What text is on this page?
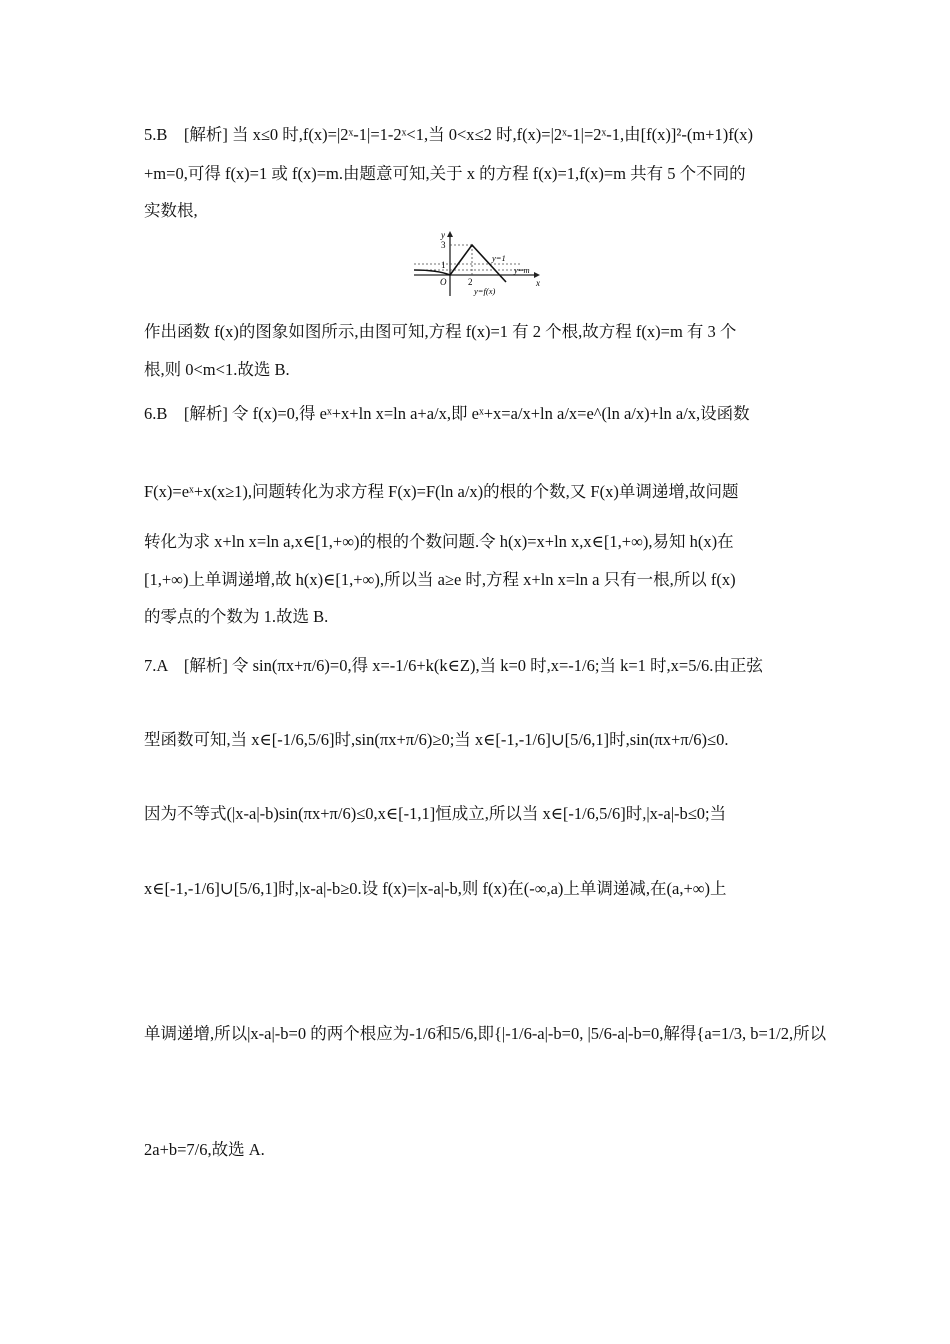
5.B　[解析] 当 x≤0 时,f(x)=|2ˣ-1|=1-2ˣ<1,当 0<x≤2 时,f(x)=|2ˣ-1|=2ˣ-1,由[f(x)]²-(m+1)f(x)
+m=0,可得 f(x)=1 或 f(x)=m.由题意可知,关于 x 的方程 f(x)=1,f(x)=m 共有 5 个不同的
实数根,
y
3
1
O 2	x
y=1
y=m
y=f(x)
作出函数 f(x)的图象如图所示,由图可知,方程 f(x)=1 有 2 个根,故方程 f(x)=m 有 3 个
根,则 0<m<1.故选 B.
6.B　[解析] 令 f(x)=0,得 eˣ+x+ln x=ln a+a/x,即 eˣ+x=a/x+ln a/x=e^(ln a/x)+ln a/x,设函数
F(x)=eˣ+x(x≥1),问题转化为求方程 F(x)=F(ln a/x)的根的个数,又 F(x)单调递增,故问题
转化为求 x+ln x=ln a,x∈[1,+∞)的根的个数问题.令 h(x)=x+ln x,x∈[1,+∞),易知 h(x)在
[1,+∞)上单调递增,故 h(x)∈[1,+∞),所以当 a≥e 时,方程 x+ln x=ln a 只有一根,所以 f(x)
的零点的个数为 1.故选 B.
7.A　[解析] 令 sin(πx+π/6)=0,得 x=-1/6+k(k∈Z),当 k=0 时,x=-1/6;当 k=1 时,x=5/6.由正弦
型函数可知,当 x∈[-1/6,5/6]时,sin(πx+π/6)≥0;当 x∈[-1,-1/6]∪[5/6,1]时,sin(πx+π/6)≤0.
因为不等式(|x-a|-b)sin(πx+π/6)≤0,x∈[-1,1]恒成立,所以当 x∈[-1/6,5/6]时,|x-a|-b≤0;当
x∈[-1,-1/6]∪[5/6,1]时,|x-a|-b≥0.设 f(x)=|x-a|-b,则 f(x)在(-∞,a)上单调递减,在(a,+∞)上
单调递增,所以|x-a|-b=0 的两个根应为-1/6和5/6,即{|-1/6-a|-b=0, |5/6-a|-b=0,解得{a=1/3, b=1/2,所以
2a+b=7/6,故选 A.
